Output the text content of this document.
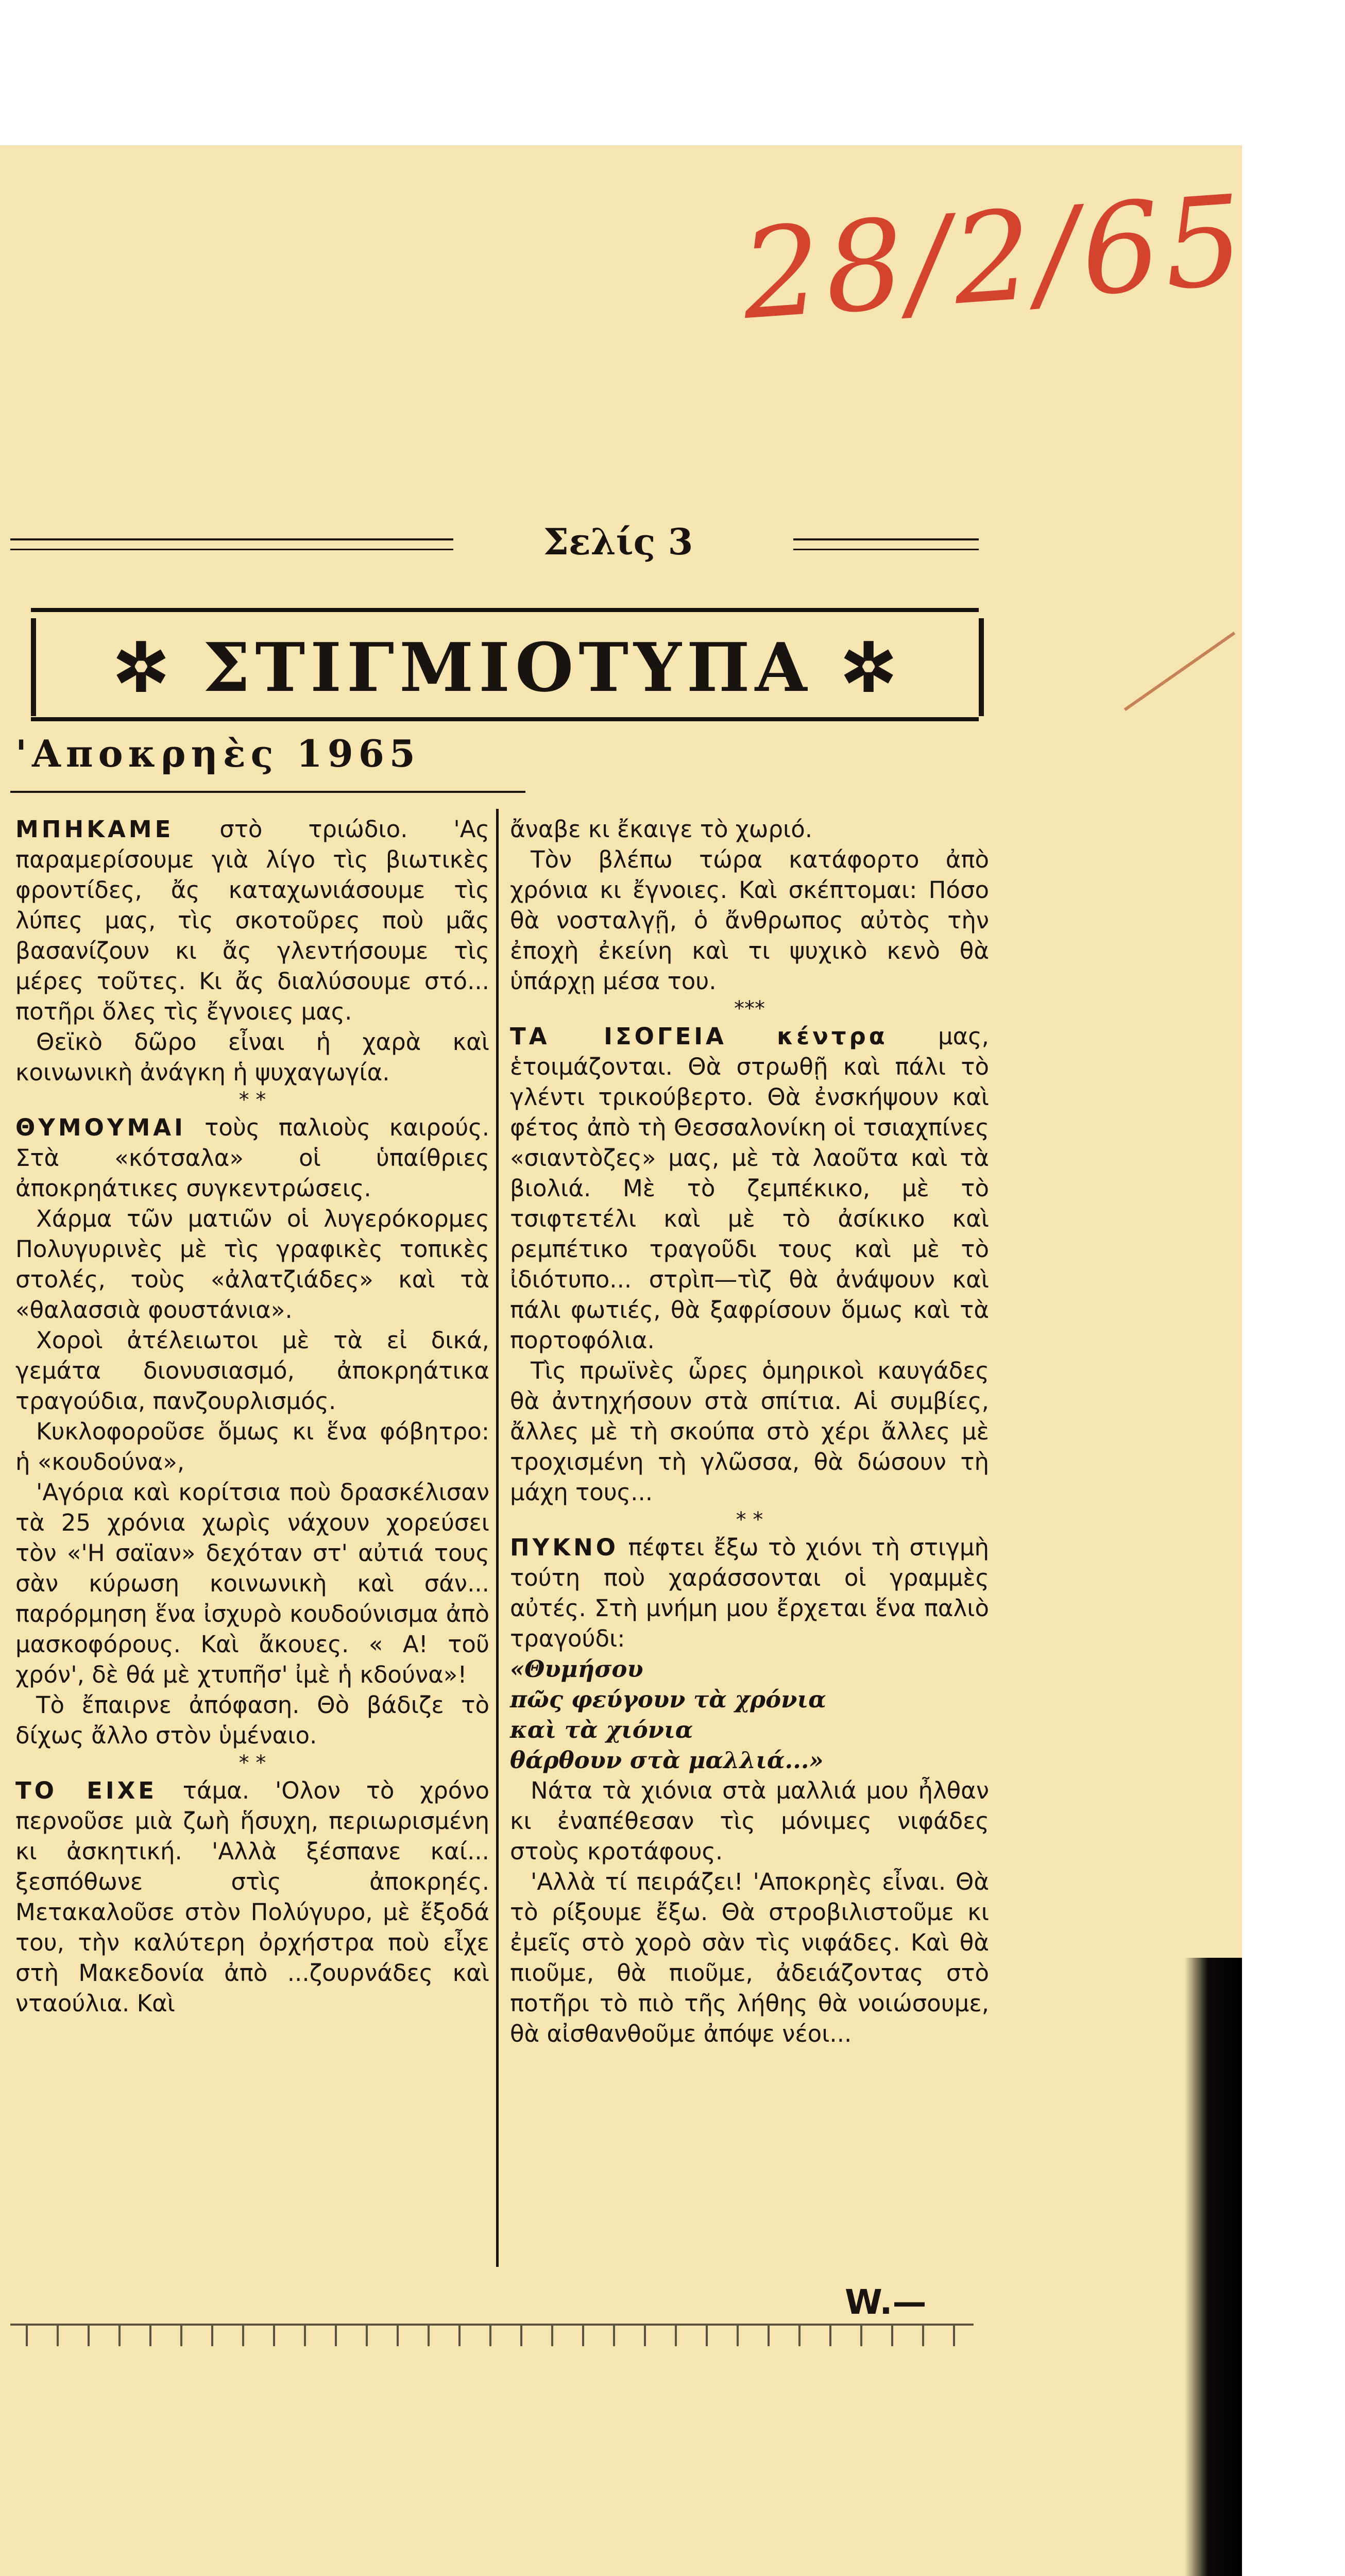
28/2/65
Σελίς 3
✲ ΣΤΙΓΜΙΟΤΥΠΑ ✲
'Αποκρηὲς 1965

ΜΠΗΚΑΜΕ στὸ τριώδιο. 'Ας παραμερίσουμε γιὰ λίγο τὶς βιωτικὲς φροντίδες, ἄς καταχωνιάσουμε τὶς λύπες μας, τὶς σκοτοῦρες ποὺ μᾶς βασανίζουν κι ἄς γλεντήσουμε τὶς μέρες τοῦτες. Κι ἄς διαλύσουμε στό... ποτῆρι ὅλες τὶς ἔγνοιες μας.

Θεϊκὸ δῶρο εἶναι ἡ χαρὰ καὶ κοινωνικὴ ἀνάγκη ἡ ψυχαγωγία.

* *

ΘΥΜΟΥΜΑΙ τοὺς παλιοὺς καιρούς. Στὰ «κότσαλα» οἱ ὑπαίθριες ἀποκρηάτικες συγκεντρώσεις.

Χάρμα τῶν ματιῶν οἱ λυγερόκορμες Πολυγυρινὲς μὲ τὶς γραφικὲς τοπικὲς στολές, τοὺς «ἀλατζιάδες» καὶ τὰ «θαλασσιὰ φουστάνια».

Χοροὶ ἀτέλειωτοι μὲ τὰ εἰ δικά, γεμάτα διονυσιασμό, ἀποκρηάτικα τραγούδια, πανζουρλισμός.

Κυκλοφοροῦσε ὅμως κι ἕνα φόβητρο: ἡ «κουδούνα»,

'Αγόρια καὶ κορίτσια ποὺ δρασκέλισαν τὰ 25 χρόνια χωρὶς νάχουν χορεύσει τὸν «'Η σαϊαν» δεχόταν στ' αὐτιά τους σὰν κύρωση κοινωνικὴ καὶ σάν... παρόρμηση ἕνα ἰσχυρὸ κουδούνισμα ἀπὸ μασκοφόρους. Καὶ ἄκουες. « Α! τοῦ χρόν', δὲ θά μὲ χτυπῆσ' ἰμὲ ἡ κδούνα»!

Τὸ ἔπαιρνε ἀπόφαση. Θὸ βάδιζε τὸ δίχως ἄλλο στὸν ὑμέναιο.

* *

ΤΟ ΕΙΧΕ τάμα. 'Ολον τὸ χρόνο περνοῦσε μιὰ ζωὴ ἥσυχη, περιωρισμένη κι ἀσκητική. 'Αλλὰ ξέσπανε καί... ξεσπόθωνε στὶς ἀποκρηές. Μετακαλοῦσε στὸν Πολύγυρο, μὲ ἔξοδά του, τὴν καλύτερη ὀρχήστρα ποὺ εἶχε στὴ Μακεδονία ἀπὸ ...ζουρνάδες καὶ νταούλια. Καὶ

ἄναβε κι ἔκαιγε τὸ χωριό.

Τὸν βλέπω τώρα κατάφορτο ἀπὸ χρόνια κι ἔγνοιες. Καὶ σκέπτομαι: Πόσο θὰ νοσταλγῇ, ὁ ἄνθρωπος αὐτὸς τὴν ἐποχὴ ἐκείνη καὶ τι ψυχικὸ κενὸ θὰ ὑπάρχῃ μέσα του.

***

ΤΑ ΙΣΟΓΕΙΑ κέντρα μας, ἑτοιμάζονται. Θὰ στρωθῇ καὶ πάλι τὸ γλέντι τρικούβερτο. Θὰ ἐνσκήψουν καὶ φέτος ἀπὸ τὴ Θεσσαλονίκη οἱ τσιαχπίνες «σιαντὸζες» μας, μὲ τὰ λαοῦτα καὶ τὰ βιολιά. Μὲ τὸ ζεμπέκικο, μὲ τὸ τσιφτετέλι καὶ μὲ τὸ ἀσίκικο καὶ ρεμπέτικο τραγοῦδι τους καὶ μὲ τὸ ἰδιότυπο... στρὶπ—τὶζ θὰ ἀνάψουν καὶ πάλι φωτιές, θὰ ξαφρίσουν ὅμως καὶ τὰ πορτοφόλια.

Τὶς πρωϊνὲς ὧρες ὁμηρικοὶ καυγάδες θὰ ἀντηχήσουν στὰ σπίτια. Αἱ συμβίες, ἄλλες μὲ τὴ σκούπα στὸ χέρι ἄλλες μὲ τροχισμένη τὴ γλῶσσα, θὰ δώσουν τὴ μάχη τους...

* *

ΠΥΚΝΟ πέφτει ἔξω τὸ χιόνι τὴ στιγμὴ τούτη ποὺ χαράσσονται οἱ γραμμὲς αὐτές. Στὴ μνήμη μου ἔρχεται ἕνα παλιὸ τραγούδι:

«Θυμήσου

πῶς φεύγουν τὰ χρόνια

καὶ τὰ χιόνια

θάρθουν στὰ μαλλιά...»

Νάτα τὰ χιόνια στὰ μαλλιά μου ἦλθαν κι ἐναπέθεσαν τὶς μόνιμες νιφάδες στοὺς κροτάφους.

'Αλλὰ τί πειράζει! 'Αποκρηὲς εἶναι. Θὰ τὸ ρίξουμε ἔξω. Θὰ στροβιλιστοῦμε κι ἐμεῖς στὸ χορὸ σὰν τὶς νιφάδες. Καὶ θὰ πιοῦμε, θὰ πιοῦμε, ἀδειάζοντας στὸ ποτῆρι τὸ πιὸ τῆς λήθης θὰ νοιώσουμε, θὰ αἰσθανθοῦμε ἀπόψε νέοι...

W.—
